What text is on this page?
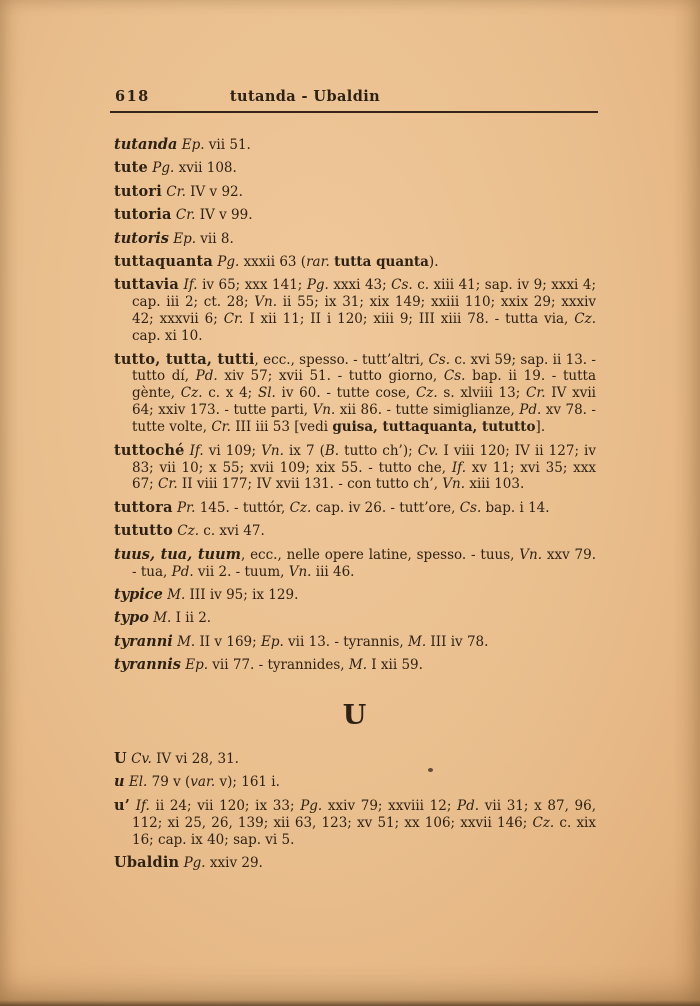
618	tutanda - Ubaldin

tutanda Ep. vii 51.

tute Pg. xvii 108.

tutori Cr. IV v 92.

tutoria Cr. IV v 99.

tutoris Ep. vii 8.

tuttaquanta Pg. xxxii 63 (rar. tutta quanta).

tuttavia If. iv 65; xxx 141; Pg. xxxi 43; Cs. c. xiii 41; sap. iv 9; xxxi 4; cap. iii 2; ct. 28; Vn. ii 55; ix 31; xix 149; xxiii 110; xxix 29; xxxiv 42; xxxvii 6; Cr. I xii 11; II i 120; xiii 9; III xiii 78. - tutta via, Cz. cap. xi 10.

tutto, tutta, tutti, ecc., spesso. - tutt’altri, Cs. c. xvi 59; sap. ii 13. - tutto dí, Pd. xiv 57; xvii 51. - tutto giorno, Cs. bap. ii 19. - tutta gènte, Cz. c. x 4; Sl. iv 60. - tutte cose, Cz. s. xlviii 13; Cr. IV xvii 64; xxiv 173. - tutte parti, Vn. xii 86. - tutte simiglianze, Pd. xv 78. - tutte volte, Cr. III iii 53 [vedi guisa, tuttaquanta, tututto].

tuttoché If. vi 109; Vn. ix 7 (B. tutto ch’); Cv. I viii 120; IV ii 127; iv 83; vii 10; x 55; xvii 109; xix 55. - tutto che, If. xv 11; xvi 35; xxx 67; Cr. II viii 177; IV xvii 131. - con tutto ch’, Vn. xiii 103.

tuttora Pr. 145. - tuttór, Cz. cap. iv 26. - tutt’ore, Cs. bap. i 14.

tututto Cz. c. xvi 47.

tuus, tua, tuum, ecc., nelle opere latine, spesso. - tuus, Vn. xxv 79. - tua, Pd. vii 2. - tuum, Vn. iii 46.

typice M. III iv 95; ix 129.

typo M. I ii 2.

tyranni M. II v 169; Ep. vii 13. - tyrannis, M. III iv 78.

tyrannis Ep. vii 77. - tyrannides, M. I xii 59.

U

U Cv. IV vi 28, 31.

u El. 79 v (var. v); 161 i.

u’ If. ii 24; vii 120; ix 33; Pg. xxiv 79; xxviii 12; Pd. vii 31; x 87, 96, 112; xi 25, 26, 139; xii 63, 123; xv 51; xx 106; xxvii 146; Cz. c. xix 16; cap. ix 40; sap. vi 5.

Ubaldin Pg. xxiv 29.
